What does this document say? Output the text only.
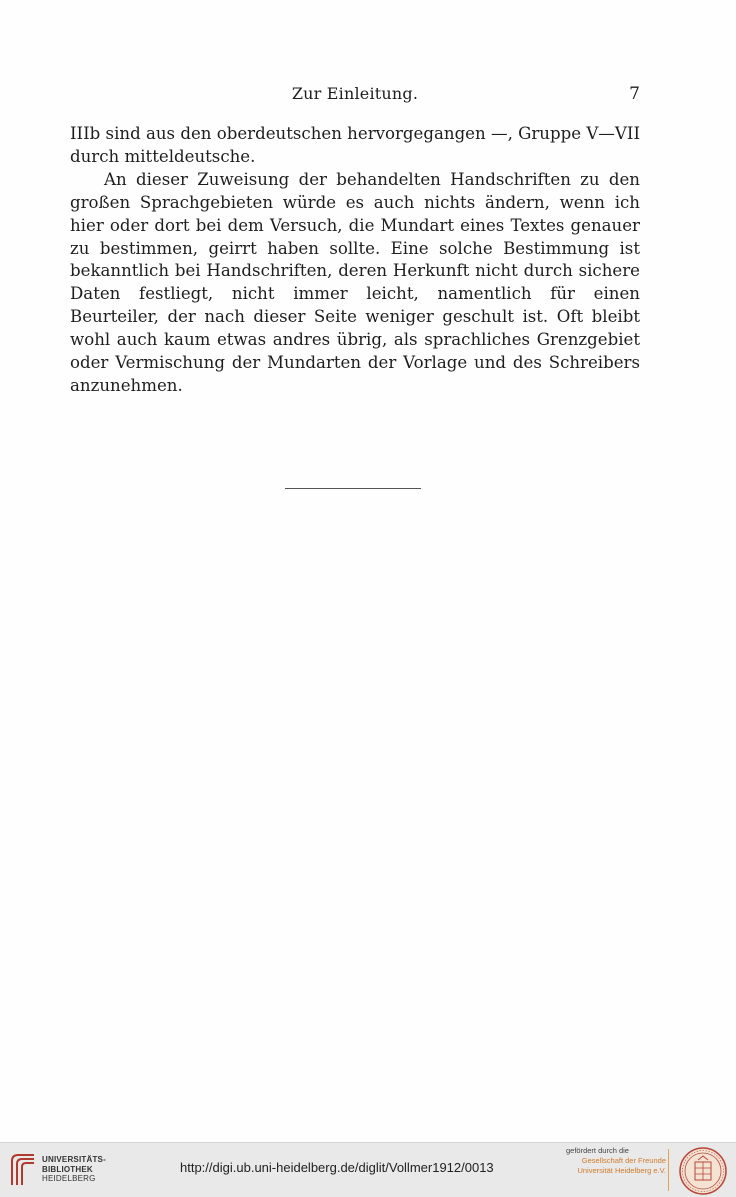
Zur Einleitung.	7

IIIb sind aus den oberdeutschen hervorgegangen —, Gruppe V—VII durch mitteldeutsche.

An dieser Zuweisung der behandelten Handschriften zu den großen Sprachgebieten würde es auch nichts ändern, wenn ich hier oder dort bei dem Versuch, die Mundart eines Textes genauer zu bestimmen, geirrt haben sollte. Eine solche Bestimmung ist bekanntlich bei Handschriften, deren Herkunft nicht durch sichere Daten festliegt, nicht immer leicht, namentlich für einen Beurteiler, der nach dieser Seite weniger geschult ist. Oft bleibt wohl auch kaum etwas andres übrig, als sprachliches Grenzgebiet oder Vermischung der Mundarten der Vorlage und des Schreibers anzunehmen.

UNIVERSITÄTS-
BIBLIOTHEK
HEIDELBERG
http://digi.ub.uni-heidelberg.de/diglit/Vollmer1912/0013
gefördert durch die
Gesellschaft der Freunde
Universität Heidelberg e.V.
